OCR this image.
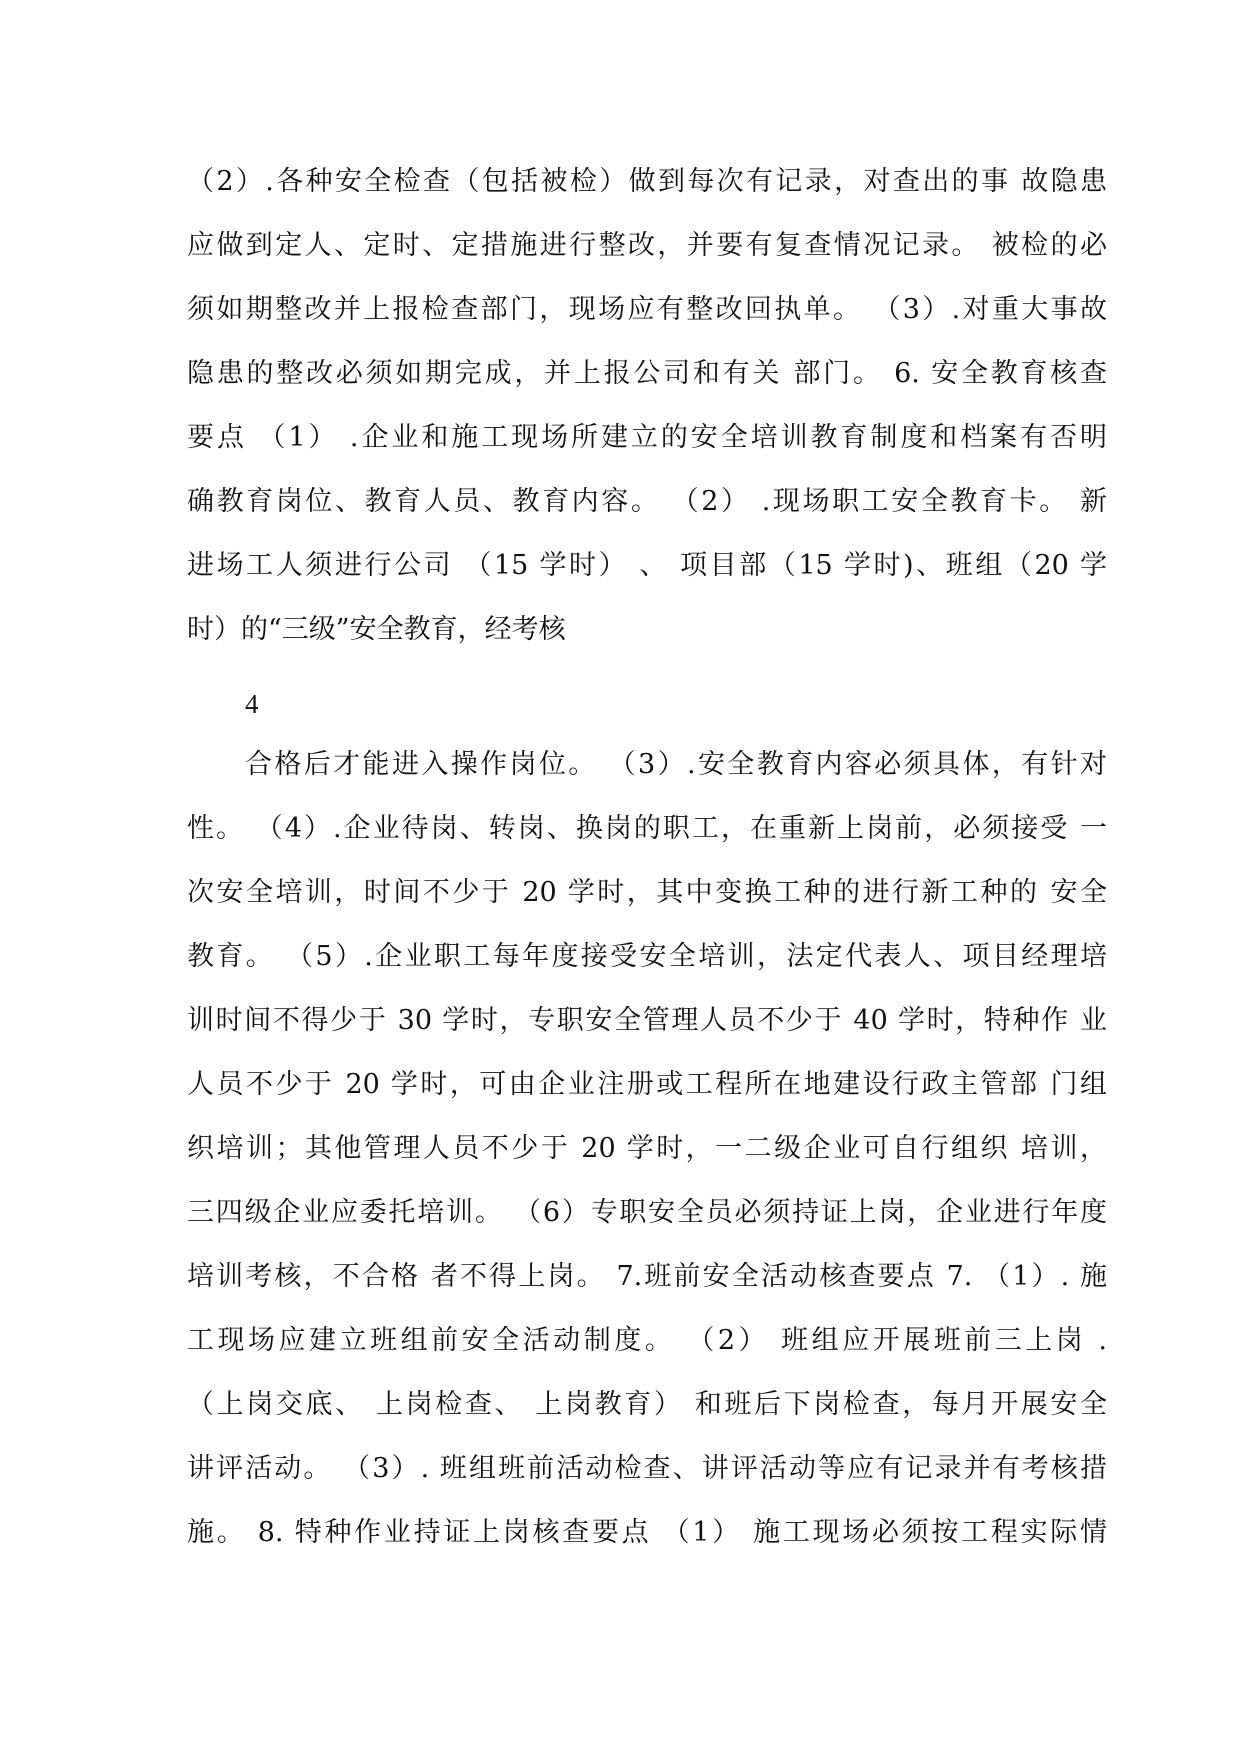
（2）.各种安全检查（包括被检）做到每次有记录，对查出的事 故隐患
应做到定人、定时、定措施进行整改，并要有复查情况记录。 被检的必
须如期整改并上报检查部门，现场应有整改回执单。 （3）.对重大事故
隐患的整改必须如期完成，并上报公司和有关 部门。 6. 安全教育核查
要点 （1） .企业和施工现场所建立的安全培训教育制度和档案有否明
确教育岗位、教育人员、教育内容。 （2） .现场职工安全教育卡。 新
进场工人须进行公司 （15 学时） 、 项目部（15 学时)、班组（20 学
时）的“三级”安全教育，经考核
4
合格后才能进入操作岗位。 （3）.安全教育内容必须具体，有针对
性。 （4）.企业待岗、转岗、换岗的职工，在重新上岗前，必须接受 一
次安全培训，时间不少于 20 学时，其中变换工种的进行新工种的 安全
教育。 （5）.企业职工每年度接受安全培训，法定代表人、项目经理培
训时间不得少于 30 学时，专职安全管理人员不少于 40 学时，特种作 业
人员不少于 20 学时，可由企业注册或工程所在地建设行政主管部 门组
织培训；其他管理人员不少于 20 学时，一二级企业可自行组织 培训，
三四级企业应委托培训。 （6）专职安全员必须持证上岗，企业进行年度
培训考核，不合格 者不得上岗。 7.班前安全活动核查要点 7. （1）. 施
工现场应建立班组前安全活动制度。 （2） 班组应开展班前三上岗 .
（上岗交底、 上岗检查、 上岗教育） 和班后下岗检查，每月开展安全
讲评活动。 （3）. 班组班前活动检查、讲评活动等应有记录并有考核措
施。 8. 特种作业持证上岗核查要点 （1） 施工现场必须按工程实际情
